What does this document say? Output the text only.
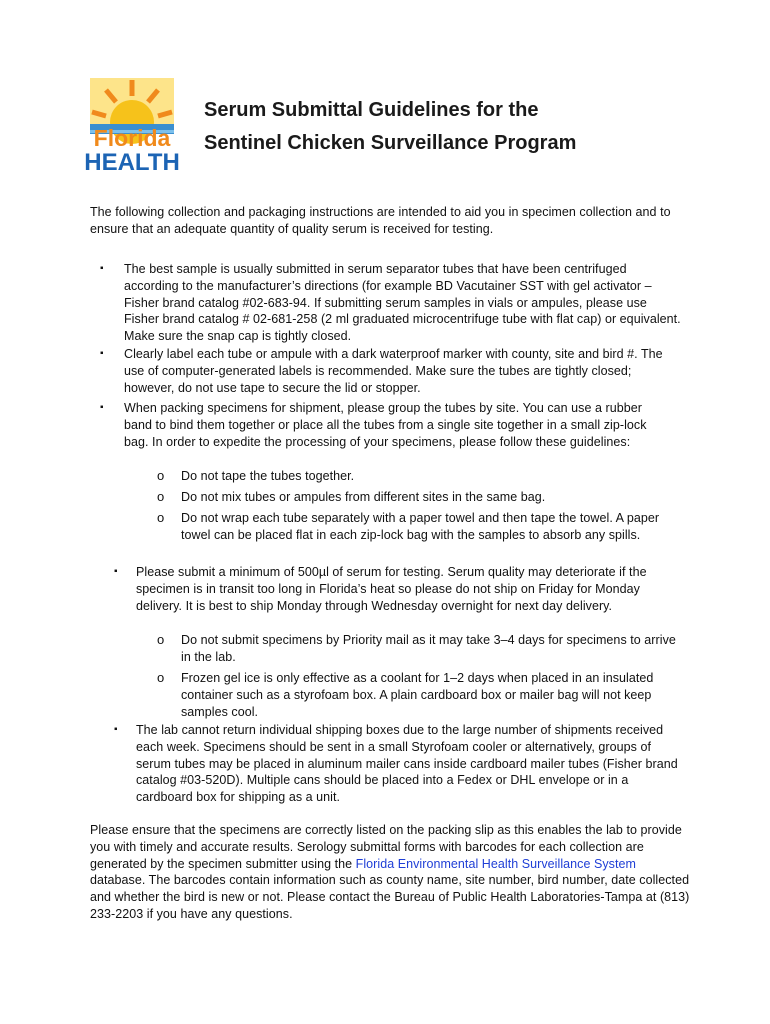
Florida
HEALTH
Serum Submittal Guidelines for the
Sentinel Chicken Surveillance Program
The following collection and packaging instructions are intended to aid you in specimen collection and to ensure that an adequate quantity of quality serum is received for testing.
▪ The best sample is usually submitted in serum separator tubes that have been centrifuged according to the manufacturer’s directions (for example BD Vacutainer SST with gel activator – Fisher brand catalog #02-683-94. If submitting serum samples in vials or ampules, please use Fisher brand catalog # 02-681-258 (2 ml graduated microcentrifuge tube with flat cap) or equivalent. Make sure the snap cap is tightly closed.
▪ Clearly label each tube or ampule with a dark waterproof marker with county, site and bird #. The use of computer-generated labels is recommended. Make sure the tubes are tightly closed; however, do not use tape to secure the lid or stopper.
▪ When packing specimens for shipment, please group the tubes by site. You can use a rubber band to bind them together or place all the tubes from a single site together in a small zip-lock bag. In order to expedite the processing of your specimens, please follow these guidelines:
o Do not tape the tubes together.
o Do not mix tubes or ampules from different sites in the same bag.
o Do not wrap each tube separately with a paper towel and then tape the towel. A paper towel can be placed flat in each zip-lock bag with the samples to absorb any spills.
▪ Please submit a minimum of 500µl of serum for testing. Serum quality may deteriorate if the specimen is in transit too long in Florida’s heat so please do not ship on Friday for Monday delivery. It is best to ship Monday through Wednesday overnight for next day delivery.
o Do not submit specimens by Priority mail as it may take 3–4 days for specimens to arrive in the lab.
o Frozen gel ice is only effective as a coolant for 1–2 days when placed in an insulated container such as a styrofoam box. A plain cardboard box or mailer bag will not keep samples cool.
▪ The lab cannot return individual shipping boxes due to the large number of shipments received each week. Specimens should be sent in a small Styrofoam cooler or alternatively, groups of serum tubes may be placed in aluminum mailer cans inside cardboard mailer tubes (Fisher brand catalog #03-520D). Multiple cans should be placed into a Fedex or DHL envelope or in a cardboard box for shipping as a unit.
Please ensure that the specimens are correctly listed on the packing slip as this enables the lab to provide you with timely and accurate results. Serology submittal forms with barcodes for each collection are generated by the specimen submitter using the Florida Environmental Health Surveillance System database. The barcodes contain information such as county name, site number, bird number, date collected and whether the bird is new or not. Please contact the Bureau of Public Health Laboratories-Tampa at (813) 233-2203 if you have any questions.
